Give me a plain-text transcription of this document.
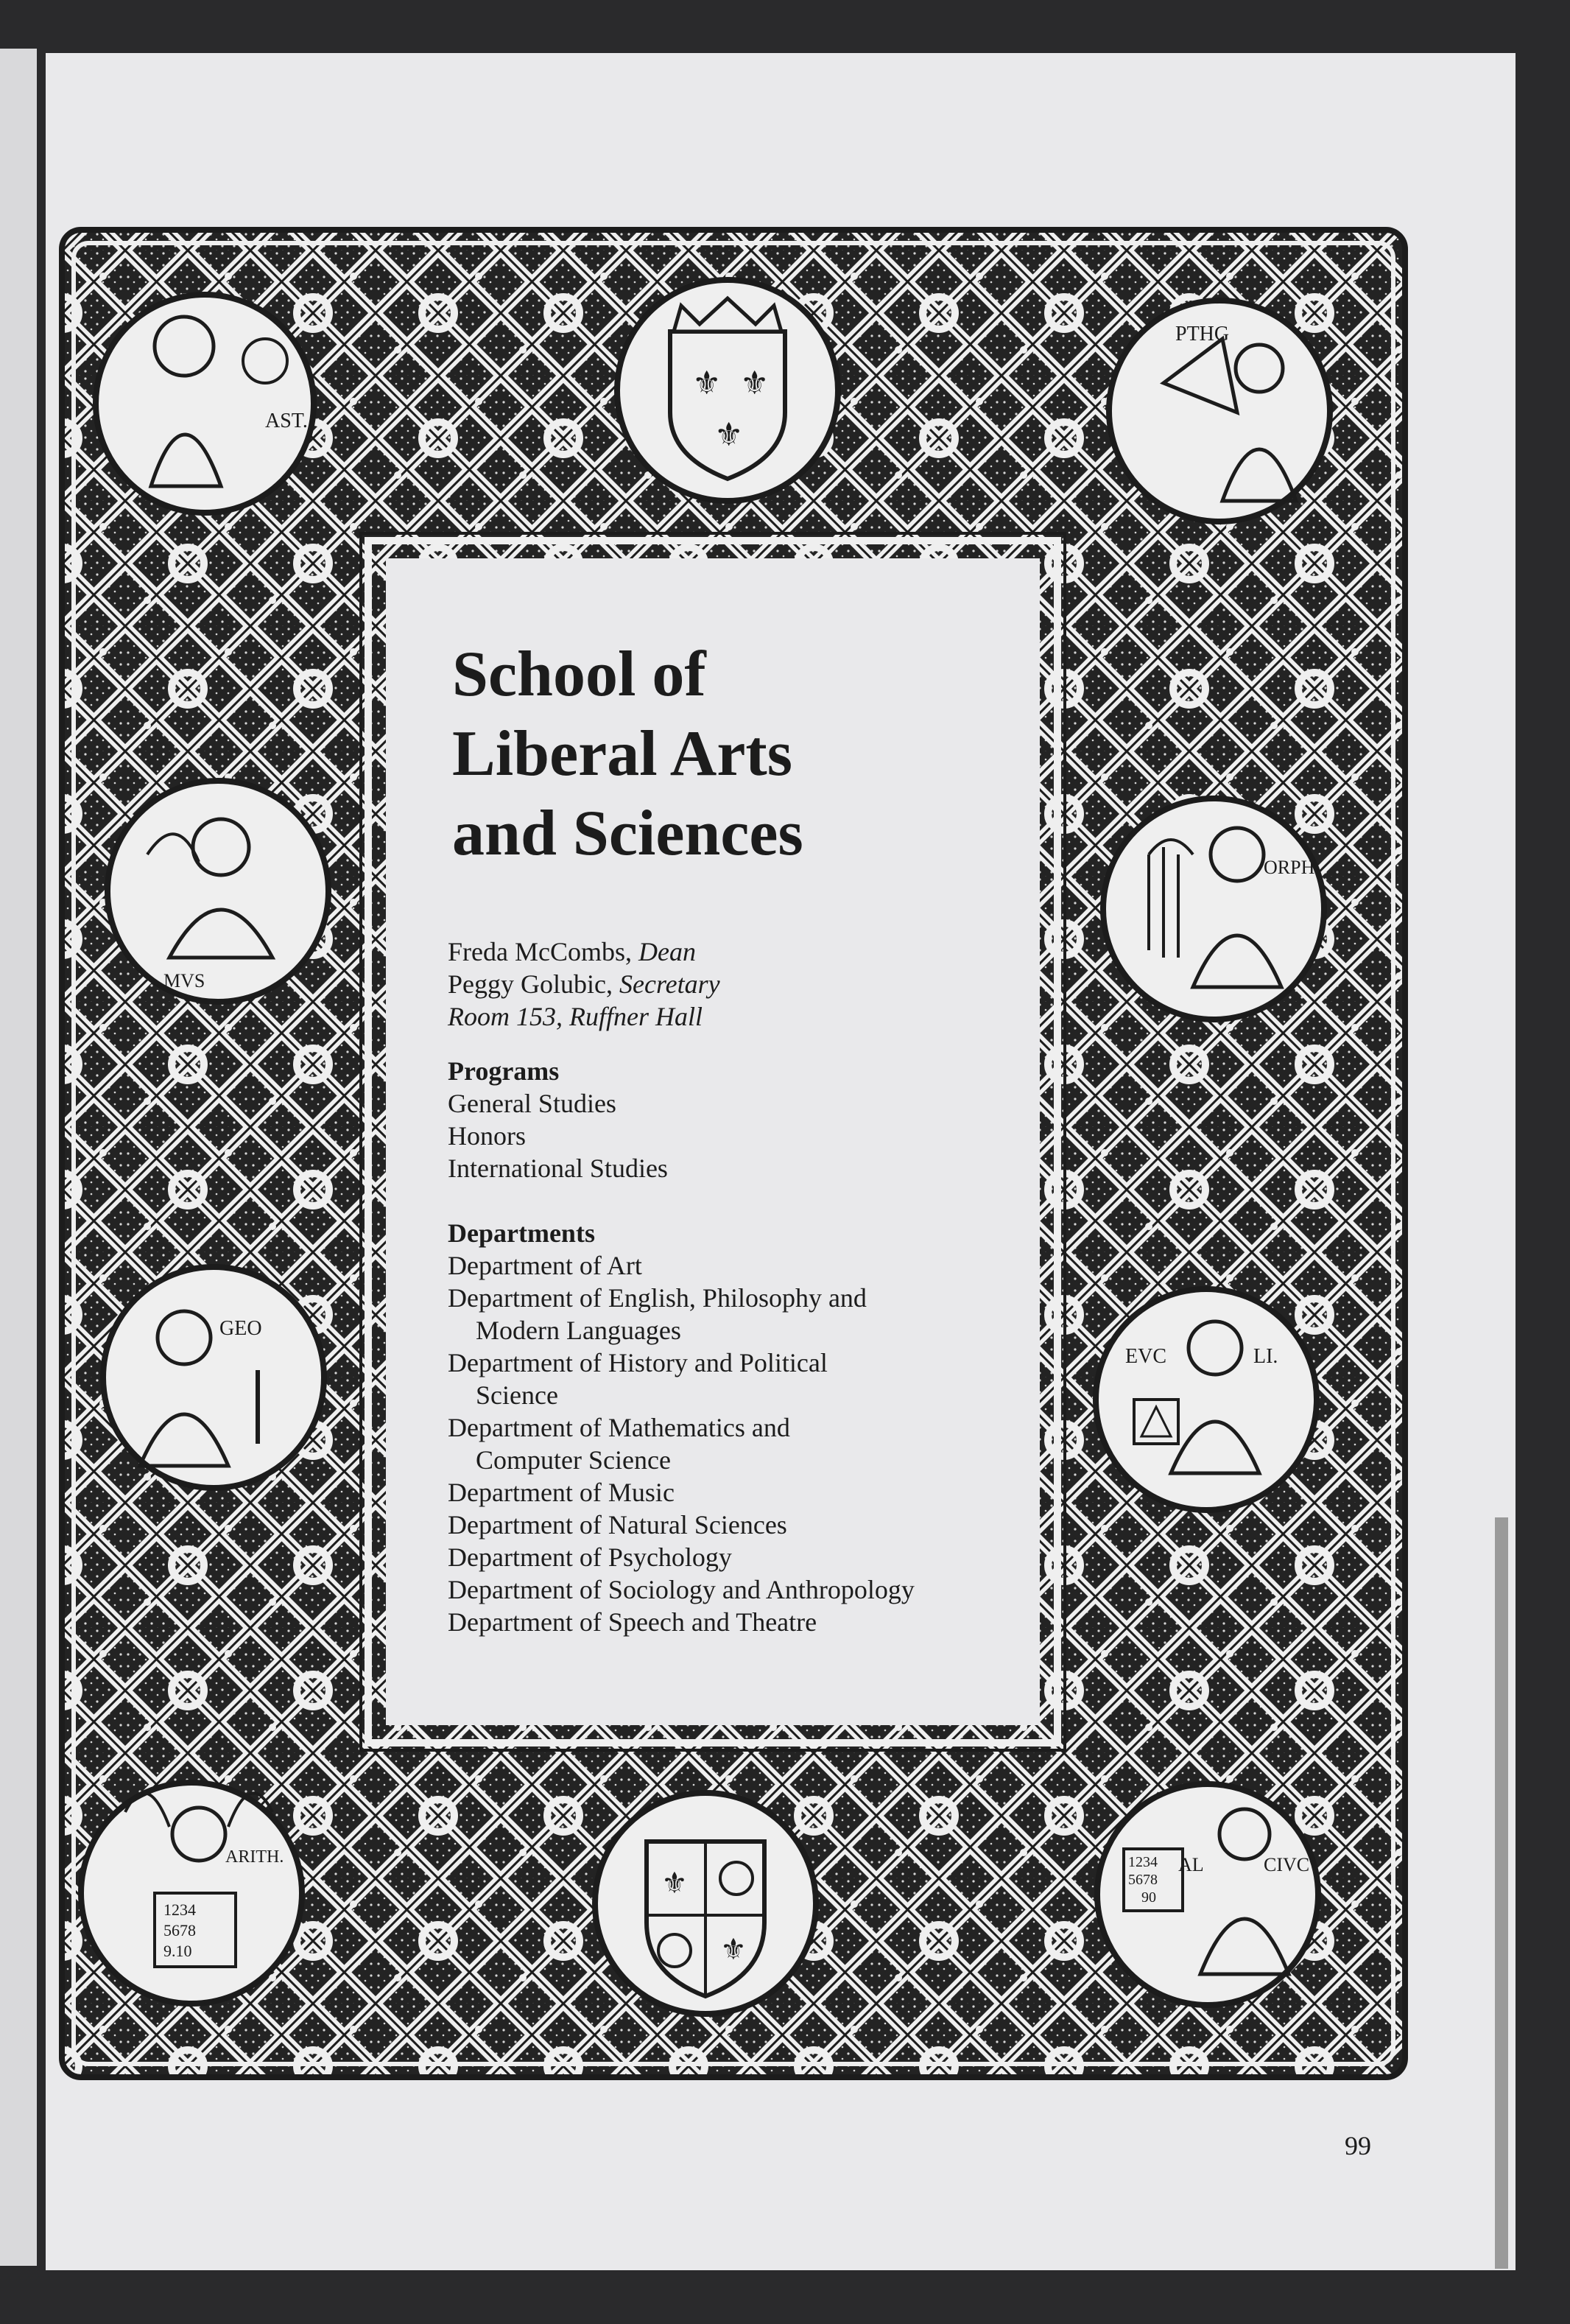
AST.
⚜ ⚜
⚜
PTHG
MVS
ORPH
GEO
EVC	LI.
1234
5678
9.10
ARITH.
⚜
⚜
1234
5678
90
AL	CIVC
School of
Liberal Arts
and Sciences
Freda McCombs, Dean
Peggy Golubic, Secretary
Room 153, Ruffner Hall
Programs
General Studies
Honors
International Studies
Departments
Department of Art
Department of English, Philosophy and
Modern Languages
Department of History and Political
Science
Department of Mathematics and
Computer Science
Department of Music
Department of Natural Sciences
Department of Psychology
Department of Sociology and Anthropology
Department of Speech and Theatre
99
